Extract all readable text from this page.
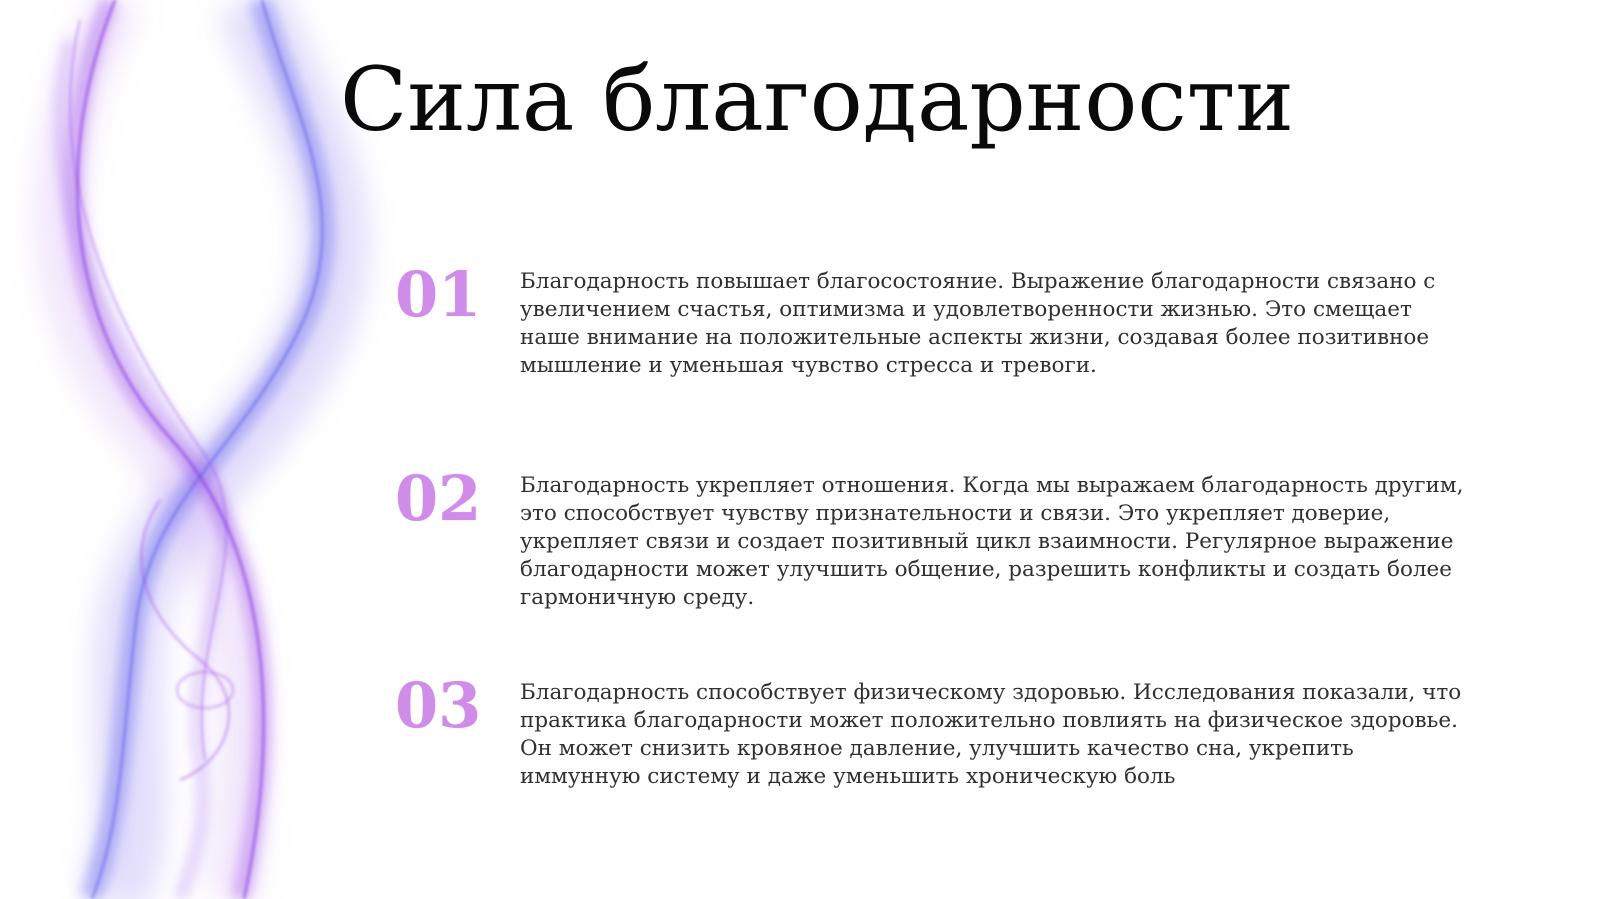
Сила благодарности
01 Благодарность повышает благосостояние. Выражение благодарности связано с увеличением счастья, оптимизма и удовлетворенности жизнью. Это смещает наше внимание на положительные аспекты жизни, создавая более позитивное мышление и уменьшая чувство стресса и тревоги.

02 Благодарность укрепляет отношения. Когда мы выражаем благодарность другим, это способствует чувству признательности и связи. Это укрепляет доверие, укрепляет связи и создает позитивный цикл взаимности. Регулярное выражение благодарности может улучшить общение, разрешить конфликты и создать более гармоничную среду.

03 Благодарность способствует физическому здоровью. Исследования показали, что практика благодарности может положительно повлиять на физическое здоровье. Он может снизить кровяное давление, улучшить качество сна, укрепить иммунную систему и даже уменьшить хроническую боль
